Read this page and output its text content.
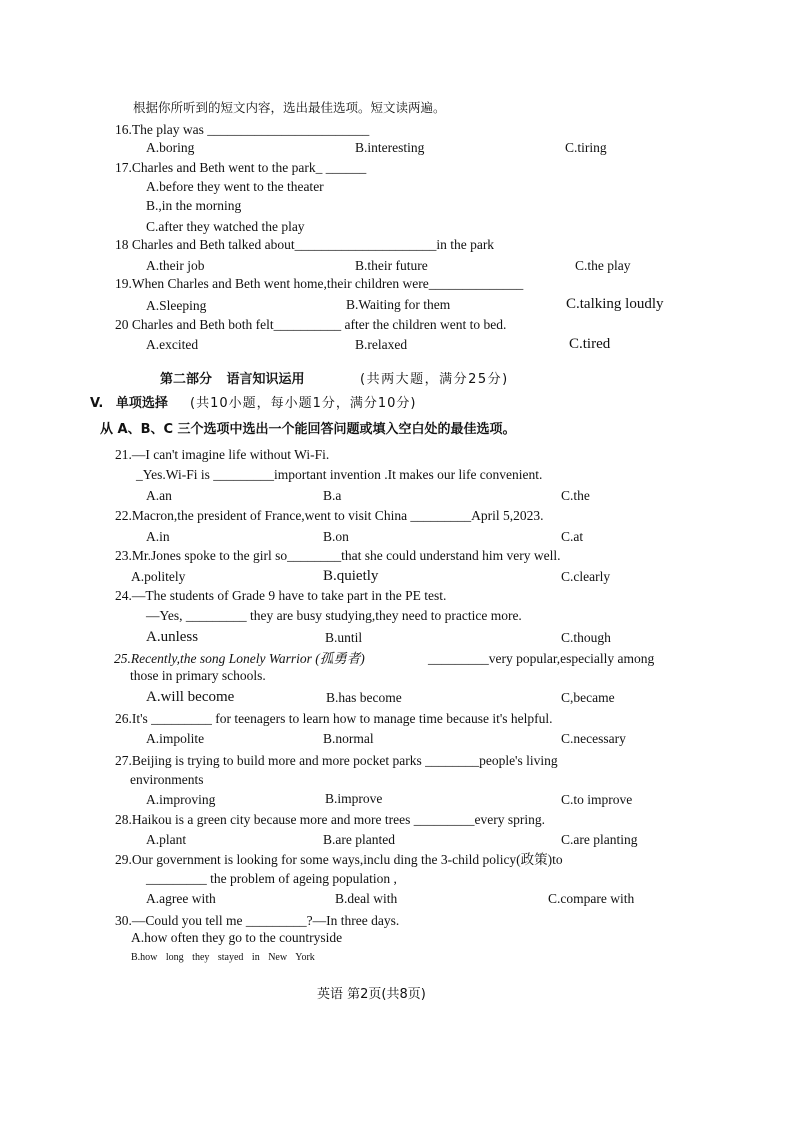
根据你所听到的短文内容，选出最佳选项。短文读两遍。
16.The play was ________________________
A.boring	B.interesting	C.tiring
17.Charles and Beth went to the park_ ______
A.before they went to the theater
B.,in the morning
C.after they watched the play
18 Charles and Beth talked about_____________________in the park
A.their job	B.their future	C.the play
19.When Charles and Beth went home,their children were______________
A.Sleeping	B.Waiting for them	C.talking loudly
20 Charles and Beth both felt__________ after the children went to bed.
A.excited	B.relaxed	C.tired
第二部分 语言知识运用	(共两大题，满分25分)
V. 单项选择 (共10小题，每小题1分，满分10分)
从 A、B、C 三个选项中选出一个能回答问题或填入空白处的最佳选项。
21.—I can't imagine life without Wi-Fi.
_Yes.Wi-Fi is _________important invention .It makes our life convenient.
A.an	B.a	C.the
22.Macron,the president of France,went to visit China _________April 5,2023.
A.in	B.on	C.at
23.Mr.Jones spoke to the girl so________that she could understand him very well.
A.politely	B.quietly	C.clearly
24.—The students of Grade 9 have to take part in the PE test.
—Yes, _________ they are busy studying,they need to practice more.
A.unless	B.until	C.though
25.Recently,the song Lonely Warrior (孤勇者)	_________very popular,especially among
those in primary schools.
A.will become	B.has become	C,became
26.It's _________ for teenagers to learn how to manage time because it's helpful.
A.impolite	B.normal	C.necessary
27.Beijing is trying to build more and more pocket parks ________people's living
environments
A.improving	B.improve	C.to improve
28.Haikou is a green city because more and more trees _________every spring.
A.plant	B.are planted	C.are planting
29.Our government is looking for some ways,inclu ding the 3-child policy(政策)to
_________ the problem of ageing population ,
A.agree with	B.deal with	C.compare with
30.—Could you tell me _________?—In three days.
A.how often they go to the countryside
B.how long they stayed in New York
英语 第2页(共8页)
